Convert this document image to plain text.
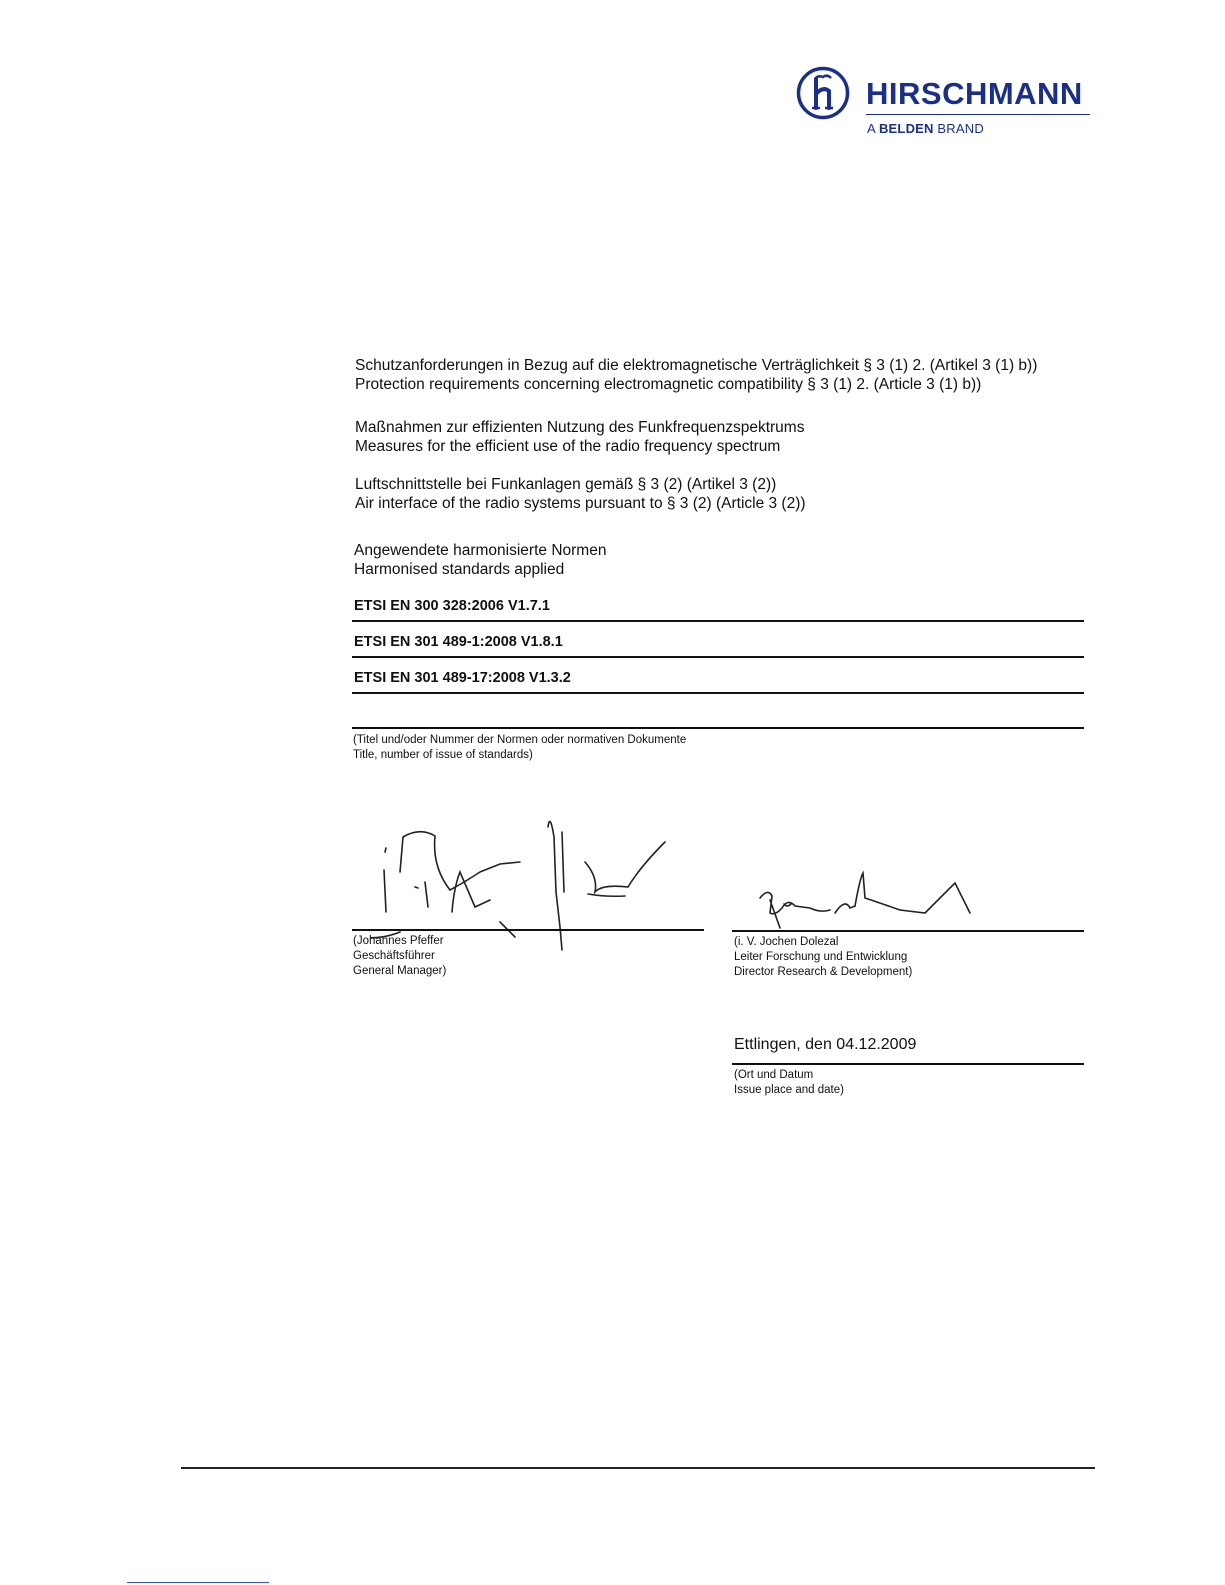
HIRSCHMANN
A BELDEN BRAND
Schutzanforderungen in Bezug auf die elektromagnetische Verträglichkeit § 3 (1) 2. (Artikel 3 (1) b))
Protection requirements concerning electromagnetic compatibility § 3 (1) 2. (Article 3 (1) b))
Maßnahmen zur effizienten Nutzung des Funkfrequenzspektrums
Measures for the efficient use of the radio frequency spectrum
Luftschnittstelle bei Funkanlagen gemäß § 3 (2) (Artikel 3 (2))
Air interface of the radio systems pursuant to § 3 (2) (Article 3 (2))
Angewendete harmonisierte Normen
Harmonised standards applied
ETSI EN 300 328:2006 V1.7.1
ETSI EN 301 489-1:2008 V1.8.1
ETSI EN 301 489-17:2008 V1.3.2
(Titel und/oder Nummer der Normen oder normativen Dokumente
Title, number of issue of standards)
(Johannes Pfeffer
Geschäftsführer
General Manager)
(i. V. Jochen Dolezal
Leiter Forschung und Entwicklung
Director Research & Development)
Ettlingen, den 04.12.2009
(Ort und Datum
Issue place and date)
